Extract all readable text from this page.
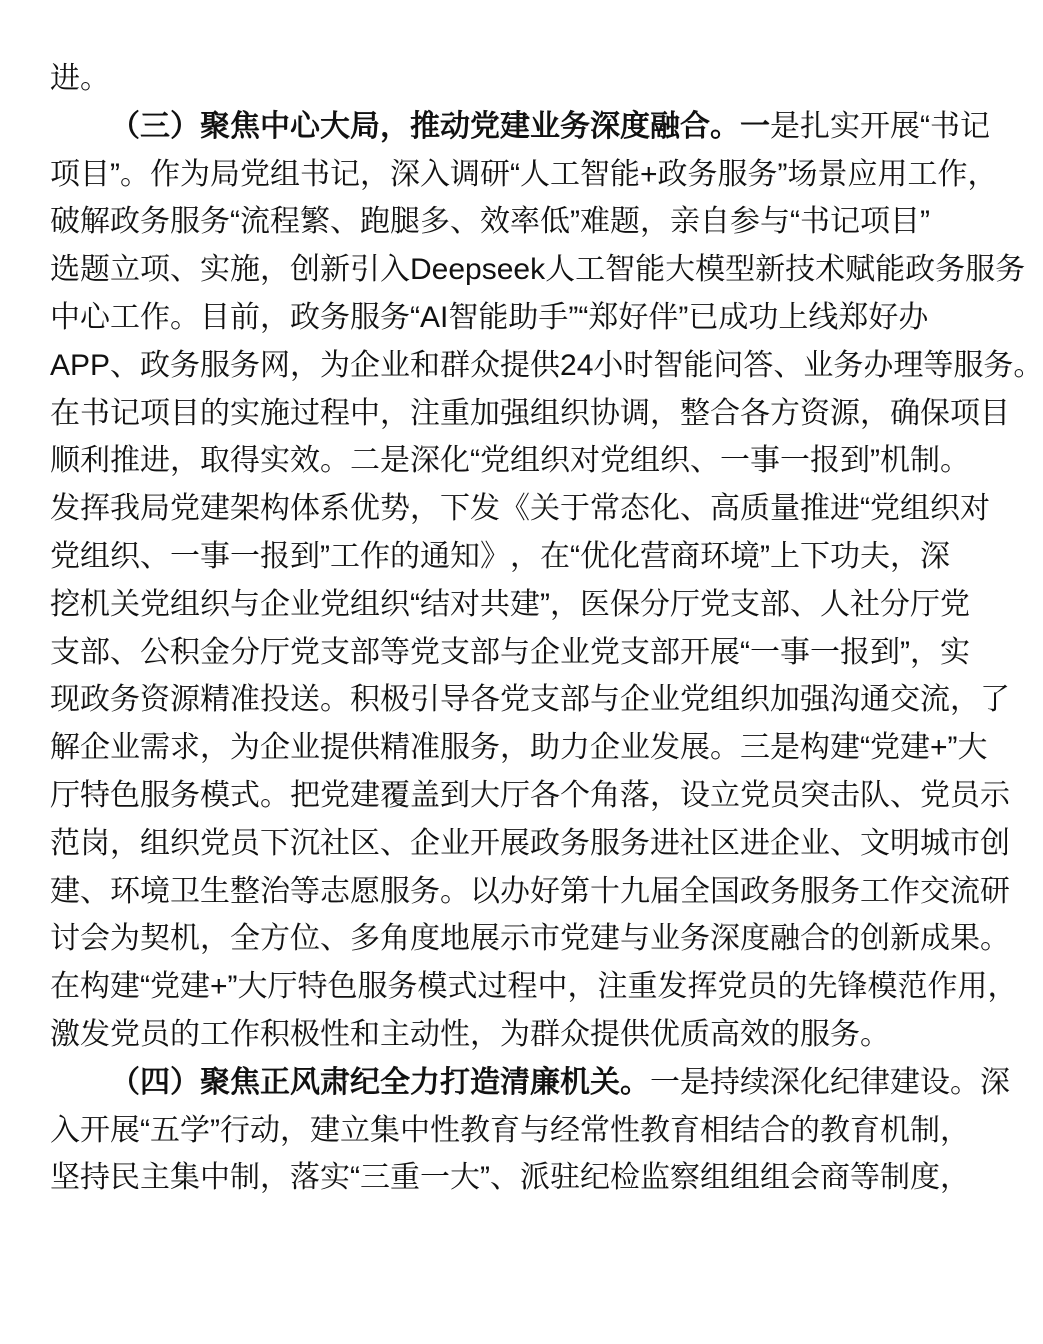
进。
（ 三 ） 聚 焦 中 心 大 局 ， 推 动 党 建 业 务 深 度 融 合 。 一 是 扎 实 开 展 “ 书 记
项 目 ” 。 作 为 局 党 组 书 记 ， 深 入 调 研 “ 人 工 智 能 + 政 务 服 务 ” 场 景 应 用 工 作 ，
破 解 政 务 服 务 “ 流 程 繁 、 跑 腿 多 、 效 率 低 ” 难 题 ， 亲 自 参 与 “ 书 记 项 目 ”
选 题 立 项 、 实 施 ， 创 新 引 入 D e e p s e e k 人 工 智 能 大 模 型 新 技 术 赋 能 政 务 服 务
中 心 工 作 。 目 前 ， 政 务 服 务 “ A I 智 能 助 手 ” “ 郑 好 伴 ” 已 成 功 上 线 郑 好 办
A P P 、 政 务 服 务 网 ， 为 企 业 和 群 众 提 供 2 4 小 时 智 能 问 答 、 业 务 办 理 等 服 务 。
在 书 记 项 目 的 实 施 过 程 中 ， 注 重 加 强 组 织 协 调 ， 整 合 各 方 资 源 ， 确 保 项 目
顺 利 推 进 ， 取 得 实 效 。 二 是 深 化 “ 党 组 织 对 党 组 织 、 一 事 一 报 到 ” 机 制 。
发 挥 我 局 党 建 架 构 体 系 优 势 ， 下 发 《 关 于 常 态 化 、 高 质 量 推 进 “ 党 组 织 对
党 组 织 、 一 事 一 报 到 ” 工 作 的 通 知 》 ， 在 “ 优 化 营 商 环 境 ” 上 下 功 夫 ， 深
挖 机 关 党 组 织 与 企 业 党 组 织 “ 结 对 共 建 ” ， 医 保 分 厅 党 支 部 、 人 社 分 厅 党
支 部 、 公 积 金 分 厅 党 支 部 等 党 支 部 与 企 业 党 支 部 开 展 “ 一 事 一 报 到 ” ， 实
现 政 务 资 源 精 准 投 送 。 积 极 引 导 各 党 支 部 与 企 业 党 组 织 加 强 沟 通 交 流 ， 了
解 企 业 需 求 ， 为 企 业 提 供 精 准 服 务 ， 助 力 企 业 发 展 。 三 是 构 建 “ 党 建 + ” 大
厅 特 色 服 务 模 式 。 把 党 建 覆 盖 到 大 厅 各 个 角 落 ， 设 立 党 员 突 击 队 、 党 员 示
范 岗 ， 组 织 党 员 下 沉 社 区 、 企 业 开 展 政 务 服 务 进 社 区 进 企 业 、 文 明 城 市 创
建 、 环 境 卫 生 整 治 等 志 愿 服 务 。 以 办 好 第 十 九 届 全 国 政 务 服 务 工 作 交 流 研
讨 会 为 契 机 ， 全 方 位 、 多 角 度 地 展 示 市 党 建 与 业 务 深 度 融 合 的 创 新 成 果 。
在 构 建 “ 党 建 + ” 大 厅 特 色 服 务 模 式 过 程 中 ， 注 重 发 挥 党 员 的 先 锋 模 范 作 用 ，
激发党员的工作积极性和主动性，为群众提供优质高效的服务。
（ 四 ） 聚 焦 正 风 肃 纪 全 力 打 造 清 廉 机 关 。 一 是 持 续 深 化 纪 律 建 设 。 深
入 开 展 “ 五 学 ” 行 动 ， 建 立 集 中 性 教 育 与 经 常 性 教 育 相 结 合 的 教 育 机 制 ，
坚 持 民 主 集 中 制 ， 落 实 “ 三 重 一 大 ” 、 派 驻 纪 检 监 察 组 组 组 会 商 等 制 度 ，
